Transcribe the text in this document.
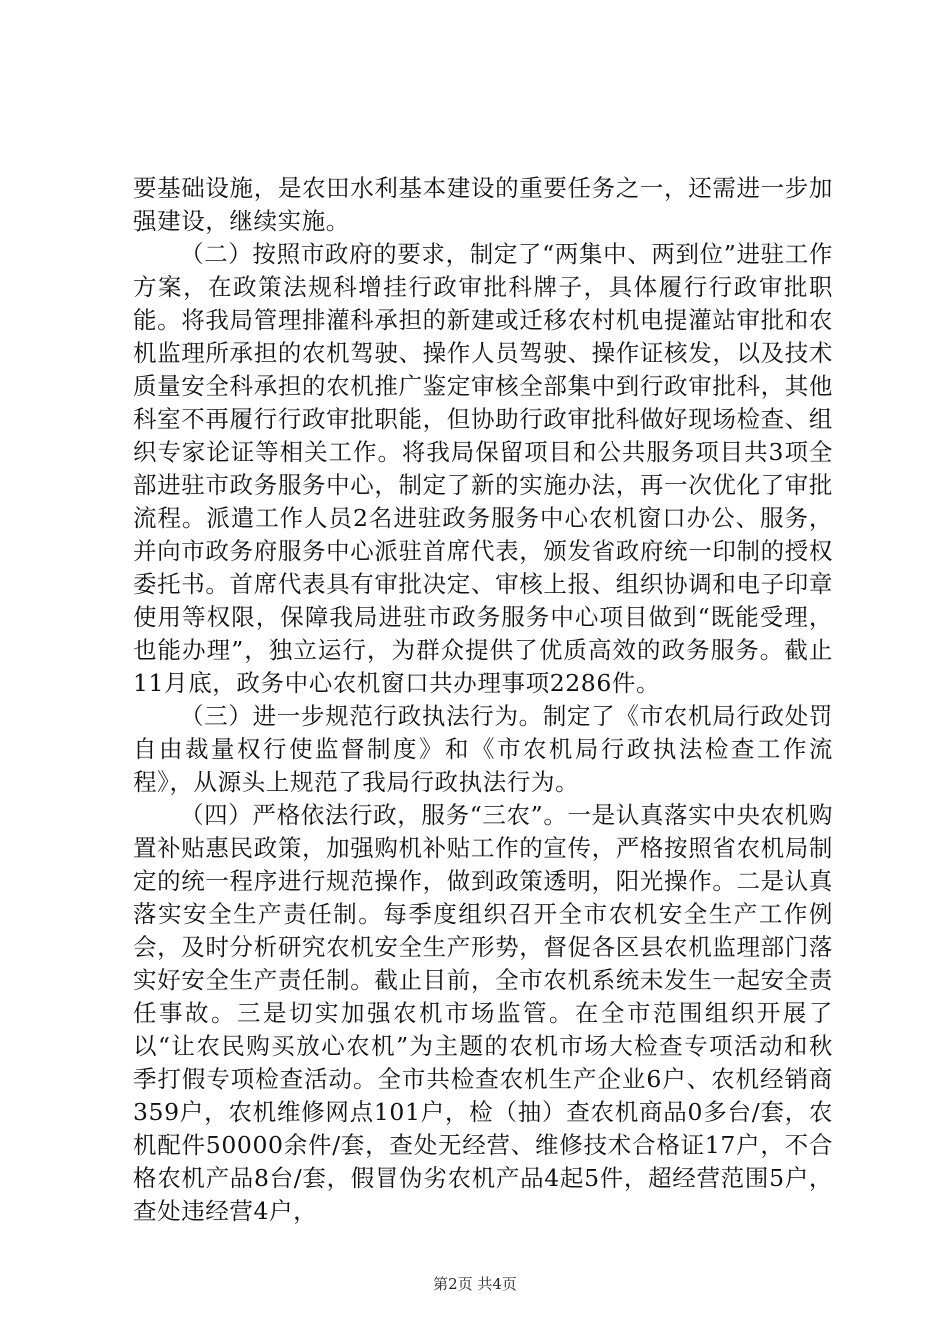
要基础设施，是农田水利基本建设的重要任务之一，还需进一步加强建设，继续实施。

（二）按照市政府的要求，制定了“两集中、两到位”进驻工作方案，在政策法规科增挂行政审批科牌子，具体履行行政审批职能。将我局管理排灌科承担的新建或迁移农村机电提灌站审批和农机监理所承担的农机驾驶、操作人员驾驶、操作证核发，以及技术质量安全科承担的农机推广鉴定审核全部集中到行政审批科，其他科室不再履行行政审批职能，但协助行政审批科做好现场检查、组织专家论证等相关工作。将我局保留项目和公共服务项目共3项全部进驻市政务服务中心，制定了新的实施办法，再一次优化了审批流程。派遣工作人员2名进驻政务服务中心农机窗口办公、服务，并向市政务府服务中心派驻首席代表，颁发省政府统一印制的授权委托书。首席代表具有审批决定、审核上报、组织协调和电子印章使用等权限，保障我局进驻市政务服务中心项目做到“既能受理，也能办理”，独立运行，为群众提供了优质高效的政务服务。截止11月底，政务中心农机窗口共办理事项2286件。

（三）进一步规范行政执法行为。制定了《市农机局行政处罚自由裁量权行使监督制度》和《市农机局行政执法检查工作流程》，从源头上规范了我局行政执法行为。

（四）严格依法行政，服务“三农”。一是认真落实中央农机购置补贴惠民政策，加强购机补贴工作的宣传，严格按照省农机局制定的统一程序进行规范操作，做到政策透明，阳光操作。二是认真落实安全生产责任制。每季度组织召开全市农机安全生产工作例会，及时分析研究农机安全生产形势，督促各区县农机监理部门落实好安全生产责任制。截止目前，全市农机系统未发生一起安全责任事故。三是切实加强农机市场监管。在全市范围组织开展了以“让农民购买放心农机”为主题的农机市场大检查专项活动和秋季打假专项检查活动。全市共检查农机生产企业6户、农机经销商359户，农机维修网点101户，检（抽）查农机商品0多台/套，农机配件50000余件/套，查处无经营、维修技术合格证17户，不合格农机产品8台/套，假冒伪劣农机产品4起5件，超经营范围5户，查处违经营4户，

第2页 共4页
